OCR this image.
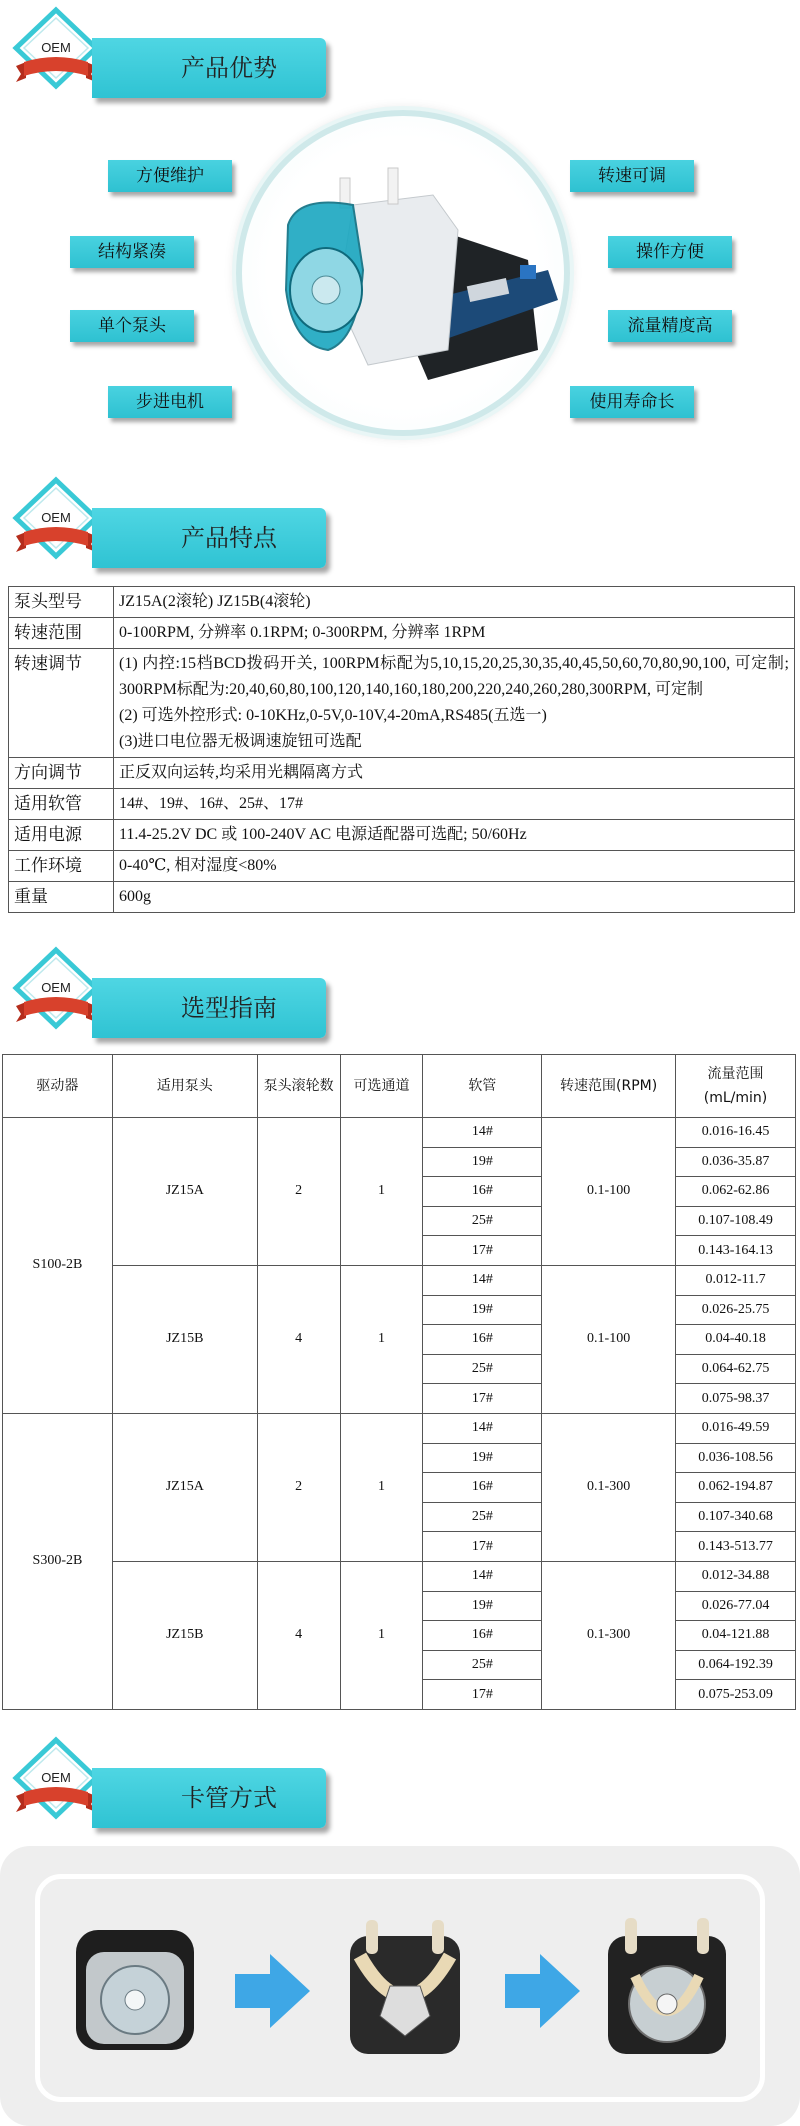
OEM
产品优势
方便维护
结构紧凑
单个泵头
步进电机
转速可调
操作方便
流量精度高
使用寿命长
OEM
产品特点
泵头型号	JZ15A(2滚轮) JZ15B(4滚轮)

转速范围	0-100RPM, 分辨率 0.1RPM; 0-300RPM, 分辨率 1RPM

转速调节	(1) 内控:15档BCD拨码开关, 100RPM标配为5,10,15,20,25,30,35,40,45,50,60,70,80,90,100, 可定制; 300RPM标配为:20,40,60,80,100,120,140,160,180,200,220,240,260,280,300RPM, 可定制
(2) 可选外控形式: 0-10KHz,0-5V,0-10V,4-20mA,RS485(五选一)
(3)进口电位器无极调速旋钮可选配

方向调节	正反双向运转,均采用光耦隔离方式

适用软管	14#、19#、16#、25#、17#

适用电源	11.4-25.2V DC 或 100-240V AC 电源适配器可选配; 50/60Hz

工作环境	0-40℃, 相对湿度<80%

重量	600g
OEM
选型指南
驱动器	适用泵头	泵头滚轮数	可选通道	软管	转速范围(RPM)	流量范围(mL/min)
S100-2B	JZ15A	2	1	14#	0.1-100	0.016-16.45
				19#		0.036-35.87
				16#		0.062-62.86
				25#		0.107-108.49
				17#		0.143-164.13
	JZ15B	4	1	14#	0.1-100	0.012-11.7
				19#		0.026-25.75
				16#		0.04-40.18
				25#		0.064-62.75
				17#		0.075-98.37
S300-2B	JZ15A	2	1	14#	0.1-300	0.016-49.59
				19#		0.036-108.56
				16#		0.062-194.87
				25#		0.107-340.68
				17#		0.143-513.77
	JZ15B	4	1	14#	0.1-300	0.012-34.88
				19#		0.026-77.04
				16#		0.04-121.88
				25#		0.064-192.39
				17#		0.075-253.09
OEM
卡管方式
